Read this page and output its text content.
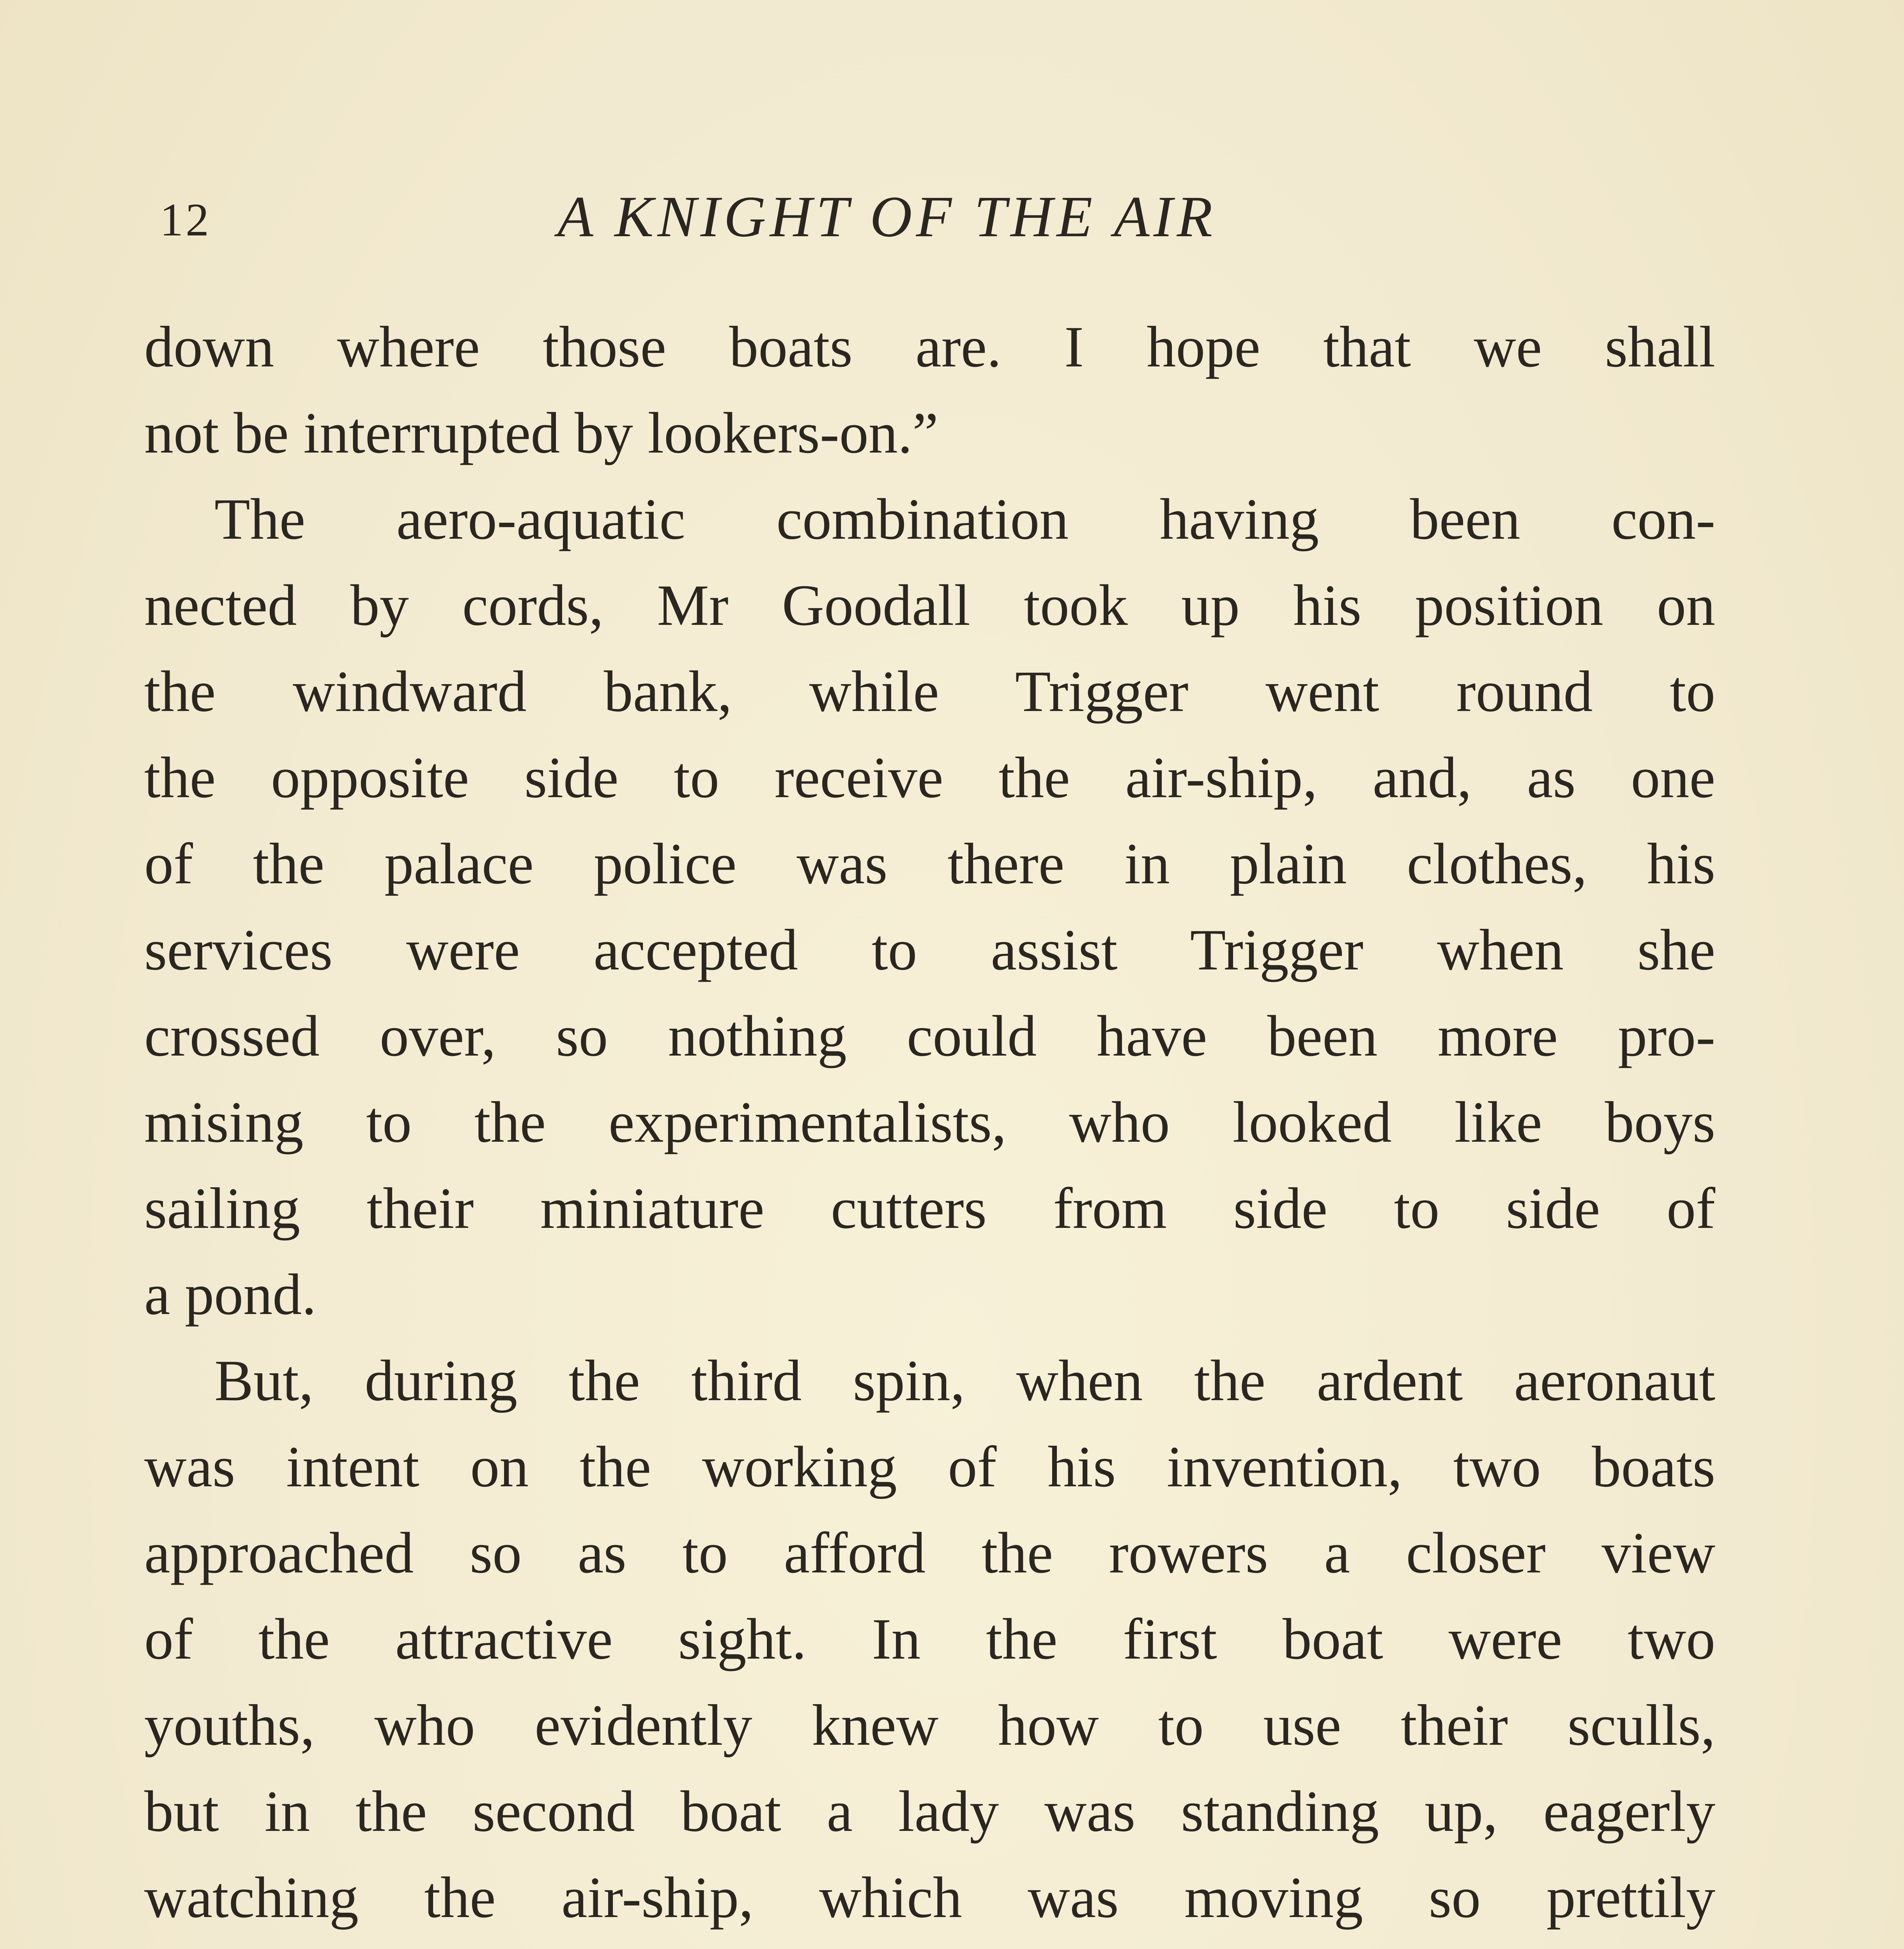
12	A KNIGHT OF THE AIR

down where those boats are. I hope that we shall
not be interrupted by lookers-on.”

The aero-aquatic combination having been con-
nected by cords, Mr Goodall took up his position on
the windward bank, while Trigger went round to
the opposite side to receive the air-ship, and, as one
of the palace police was there in plain clothes, his
services were accepted to assist Trigger when she
crossed over, so nothing could have been more pro-
mising to the experimentalists, who looked like boys
sailing their miniature cutters from side to side of
a pond.

But, during the third spin, when the ardent aeronaut
was intent on the working of his invention, two boats
approached so as to afford the rowers a closer view
of the attractive sight. In the first boat were two
youths, who evidently knew how to use their sculls,
but in the second boat a lady was standing up, eagerly
watching the air-ship, which was moving so prettily
